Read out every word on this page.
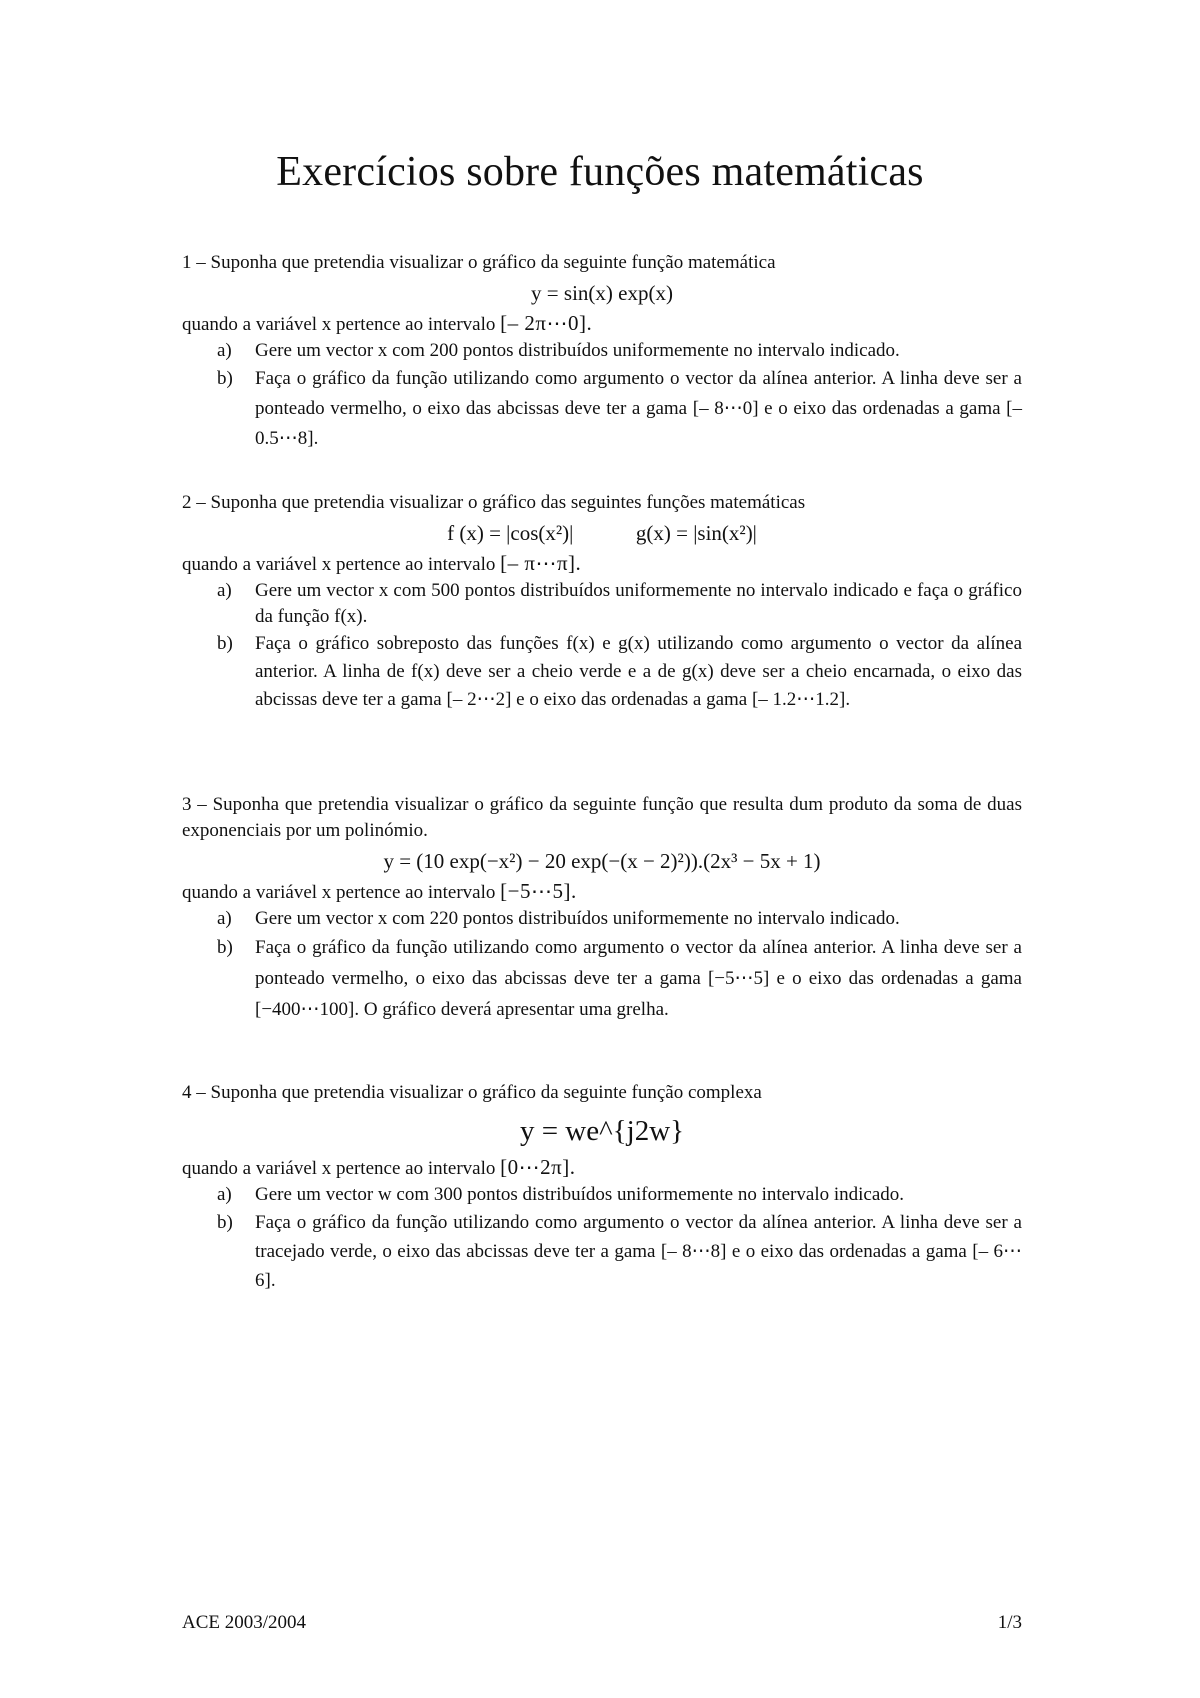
Exercícios sobre funções matemáticas

1 – Suponha que pretendia visualizar o gráfico da seguinte função matemática

y = sin(x) exp(x)

quando a variável x pertence ao intervalo [– 2π⋯0].

a) Gere um vector x com 200 pontos distribuídos uniformemente no intervalo indicado.
b) Faça o gráfico da função utilizando como argumento o vector da alínea anterior. A linha deve ser a ponteado vermelho, o eixo das abcissas deve ter a gama [– 8⋯0] e o eixo das ordenadas a gama [– 0.5⋯8].

2 – Suponha que pretendia visualizar o gráfico das seguintes funções matemáticas

f (x) = |cos(x²)|	g(x) = |sin(x²)|

quando a variável x pertence ao intervalo [– π⋯π].

a) Gere um vector x com 500 pontos distribuídos uniformemente no intervalo indicado e faça o gráfico da função f(x).
b) Faça o gráfico sobreposto das funções f(x) e g(x) utilizando como argumento o vector da alínea anterior. A linha de f(x) deve ser a cheio verde e a de g(x) deve ser a cheio encarnada, o eixo das abcissas deve ter a gama [– 2⋯2] e o eixo das ordenadas a gama [– 1.2⋯1.2].

3 – Suponha que pretendia visualizar o gráfico da seguinte função que resulta dum produto da soma de duas exponenciais por um polinómio.

y = (10 exp(−x²) − 20 exp(−(x − 2)²)).(2x³ − 5x + 1)

quando a variável x pertence ao intervalo [−5⋯5].

a) Gere um vector x com 220 pontos distribuídos uniformemente no intervalo indicado.
b) Faça o gráfico da função utilizando como argumento o vector da alínea anterior. A linha deve ser a ponteado vermelho, o eixo das abcissas deve ter a gama [−5⋯5] e o eixo das ordenadas a gama [−400⋯100]. O gráfico deverá apresentar uma grelha.

4 – Suponha que pretendia visualizar o gráfico da seguinte função complexa

y = we^{j2w}

quando a variável x pertence ao intervalo [0⋯2π].

a) Gere um vector w com 300 pontos distribuídos uniformemente no intervalo indicado.
b) Faça o gráfico da função utilizando como argumento o vector da alínea anterior. A linha deve ser a tracejado verde, o eixo das abcissas deve ter a gama [– 8⋯8] e o eixo das ordenadas a gama [– 6⋯6].
ACE 2003/2004	1/3
